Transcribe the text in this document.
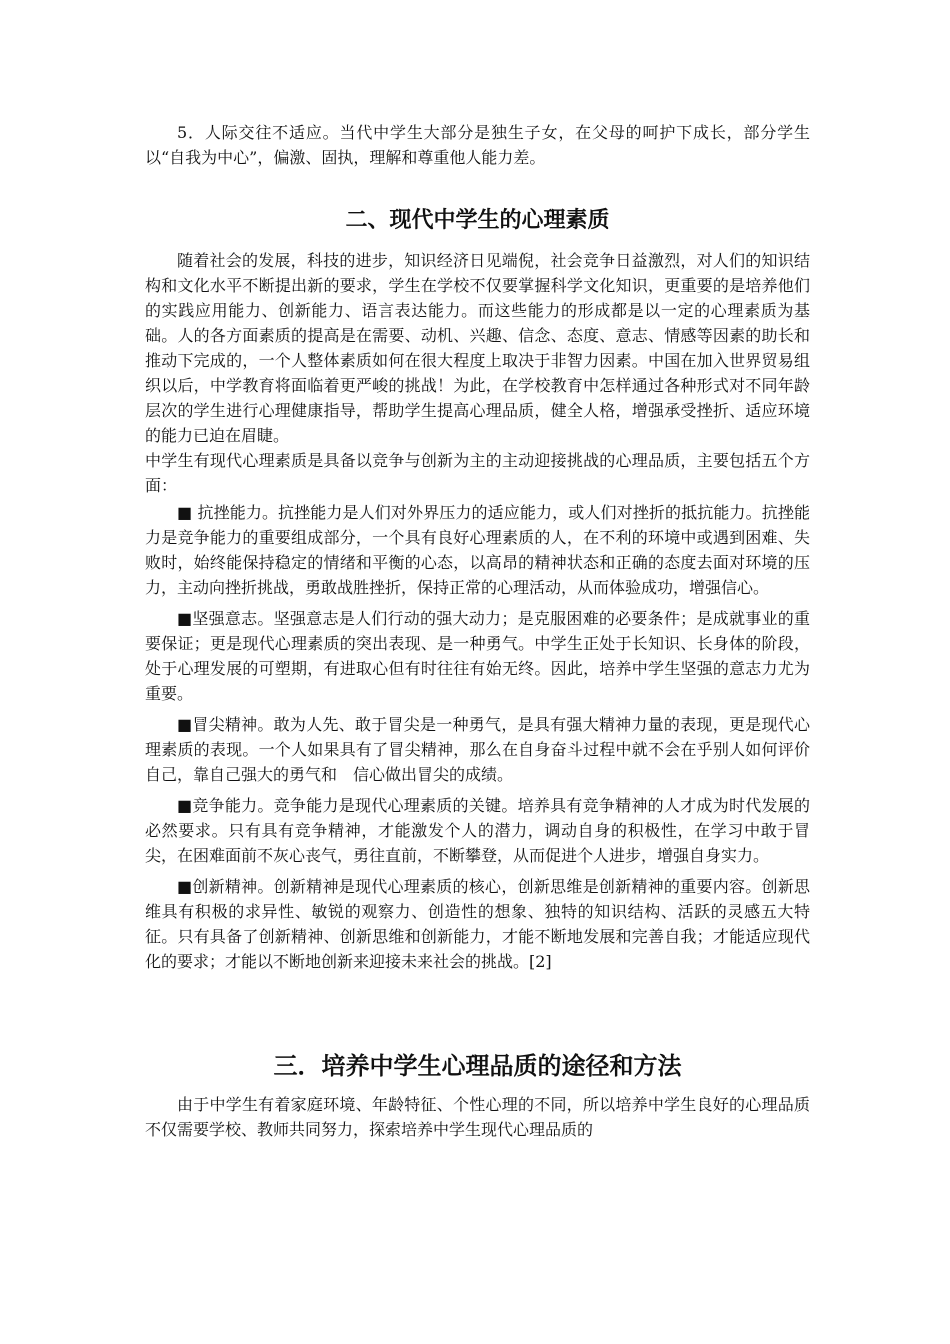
5．人际交往不适应。当代中学生大部分是独生子女，在父母的呵护下成长，部分学生以“自我为中心”，偏激、固执，理解和尊重他人能力差。

二、现代中学生的心理素质

随着社会的发展，科技的进步，知识经济日见端倪，社会竞争日益激烈，对人们的知识结构和文化水平不断提出新的要求，学生在学校不仅要掌握科学文化知识，更重要的是培养他们的实践应用能力、创新能力、语言表达能力。而这些能力的形成都是以一定的心理素质为基础。人的各方面素质的提高是在需要、动机、兴趣、信念、态度、意志、情感等因素的助长和推动下完成的，一个人整体素质如何在很大程度上取决于非智力因素。中国在加入世界贸易组织以后，中学教育将面临着更严峻的挑战！为此，在学校教育中怎样通过各种形式对不同年龄层次的学生进行心理健康指导，帮助学生提高心理品质，健全人格，增强承受挫折、适应环境的能力已迫在眉睫。

中学生有现代心理素质是具备以竞争与创新为主的主动迎接挑战的心理品质，主要包括五个方面：

■ 抗挫能力。抗挫能力是人们对外界压力的适应能力，或人们对挫折的抵抗能力。抗挫能力是竞争能力的重要组成部分，一个具有良好心理素质的人，在不利的环境中或遇到困难、失败时，始终能保持稳定的情绪和平衡的心态，以高昂的精神状态和正确的态度去面对环境的压力，主动向挫折挑战，勇敢战胜挫折，保持正常的心理活动，从而体验成功，增强信心。

■坚强意志。坚强意志是人们行动的强大动力；是克服困难的必要条件；是成就事业的重要保证；更是现代心理素质的突出表现、是一种勇气。中学生正处于长知识、长身体的阶段，处于心理发展的可塑期，有进取心但有时往往有始无终。因此，培养中学生坚强的意志力尤为重要。

■冒尖精神。敢为人先、敢于冒尖是一种勇气，是具有强大精神力量的表现，更是现代心理素质的表现。一个人如果具有了冒尖精神，那么在自身奋斗过程中就不会在乎别人如何评价自己，靠自己强大的勇气和　信心做出冒尖的成绩。

■竞争能力。竞争能力是现代心理素质的关键。培养具有竞争精神的人才成为时代发展的必然要求。只有具有竞争精神，才能激发个人的潜力，调动自身的积极性，在学习中敢于冒尖，在困难面前不灰心丧气，勇往直前，不断攀登，从而促进个人进步，增强自身实力。

■创新精神。创新精神是现代心理素质的核心，创新思维是创新精神的重要内容。创新思维具有积极的求异性、敏锐的观察力、创造性的想象、独特的知识结构、活跃的灵感五大特征。只有具备了创新精神、创新思维和创新能力，才能不断地发展和完善自我；才能适应现代化的要求；才能以不断地创新来迎接未来社会的挑战。[2]

三．培养中学生心理品质的途径和方法

由于中学生有着家庭环境、年龄特征、个性心理的不同，所以培养中学生良好的心理品质不仅需要学校、教师共同努力，探索培养中学生现代心理品质的
